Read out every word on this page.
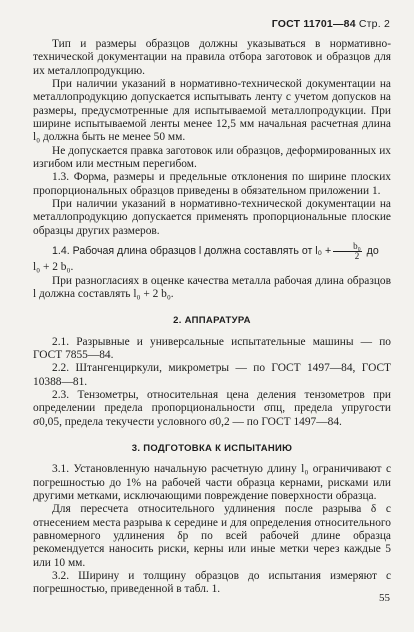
ГОСТ 11701—84 Стр. 2

Тип и размеры образцов должны указываться в нормативно-технической документации на правила отбора заготовок и образцов для их металлопродукцию.

При наличии указаний в нормативно-технической документации на металлопродукцию допускается испытывать ленту с учетом допусков на размеры, предусмотренные для испытываемой металлопродукции. При ширине испытываемой ленты менее 12,5 мм начальная расчетная длина l₀ должна быть не менее 50 мм.

Не допускается правка заготовок или образцов, деформированных их изгибом или местным перегибом.

1.3. Форма, размеры и предельные отклонения по ширине плоских пропорциональных образцов приведены в обязательном приложении 1.

При наличии указаний в нормативно-технической документации на металлопродукцию допускается применять пропорциональные плоские образцы других размеров.

1.4. Рабочая длина образцов l должна составлять от $l_0 + \frac{\text{b₀}}{2}$ до

l₀ + 2 b₀.

При разногласиях в оценке качества металла рабочая длина образцов l должна составлять l₀ + 2 b₀.

2. АППАРАТУРА

2.1. Разрывные и универсальные испытательные машины — по ГОСТ 7855—84.

2.2. Штангенциркули, микрометры — по ГОСТ 1497—84, ГОСТ 10388—81.

2.3. Тензометры, относительная цена деления тензометров при определении предела пропорциональности σпц, предела упругости σ0,05, предела текучести условного σ0,2 — по ГОСТ 1497—84.

3. ПОДГОТОВКА К ИСПЫТАНИЮ

3.1. Установленную начальную расчетную длину l₀ ограничивают с погрешностью до 1% на рабочей части образца кернами, рисками или другими метками, исключающими повреждение поверхности образца.

Для пересчета относительного удлинения после разрыва δ с отнесением места разрыва к середине и для определения относительного равномерного удлинения δр по всей рабочей длине образца рекомендуется наносить риски, керны или иные метки через каждые 5 или 10 мм.

3.2. Ширину и толщину образцов до испытания измеряют с погрешностью, приведенной в табл. 1.

55
